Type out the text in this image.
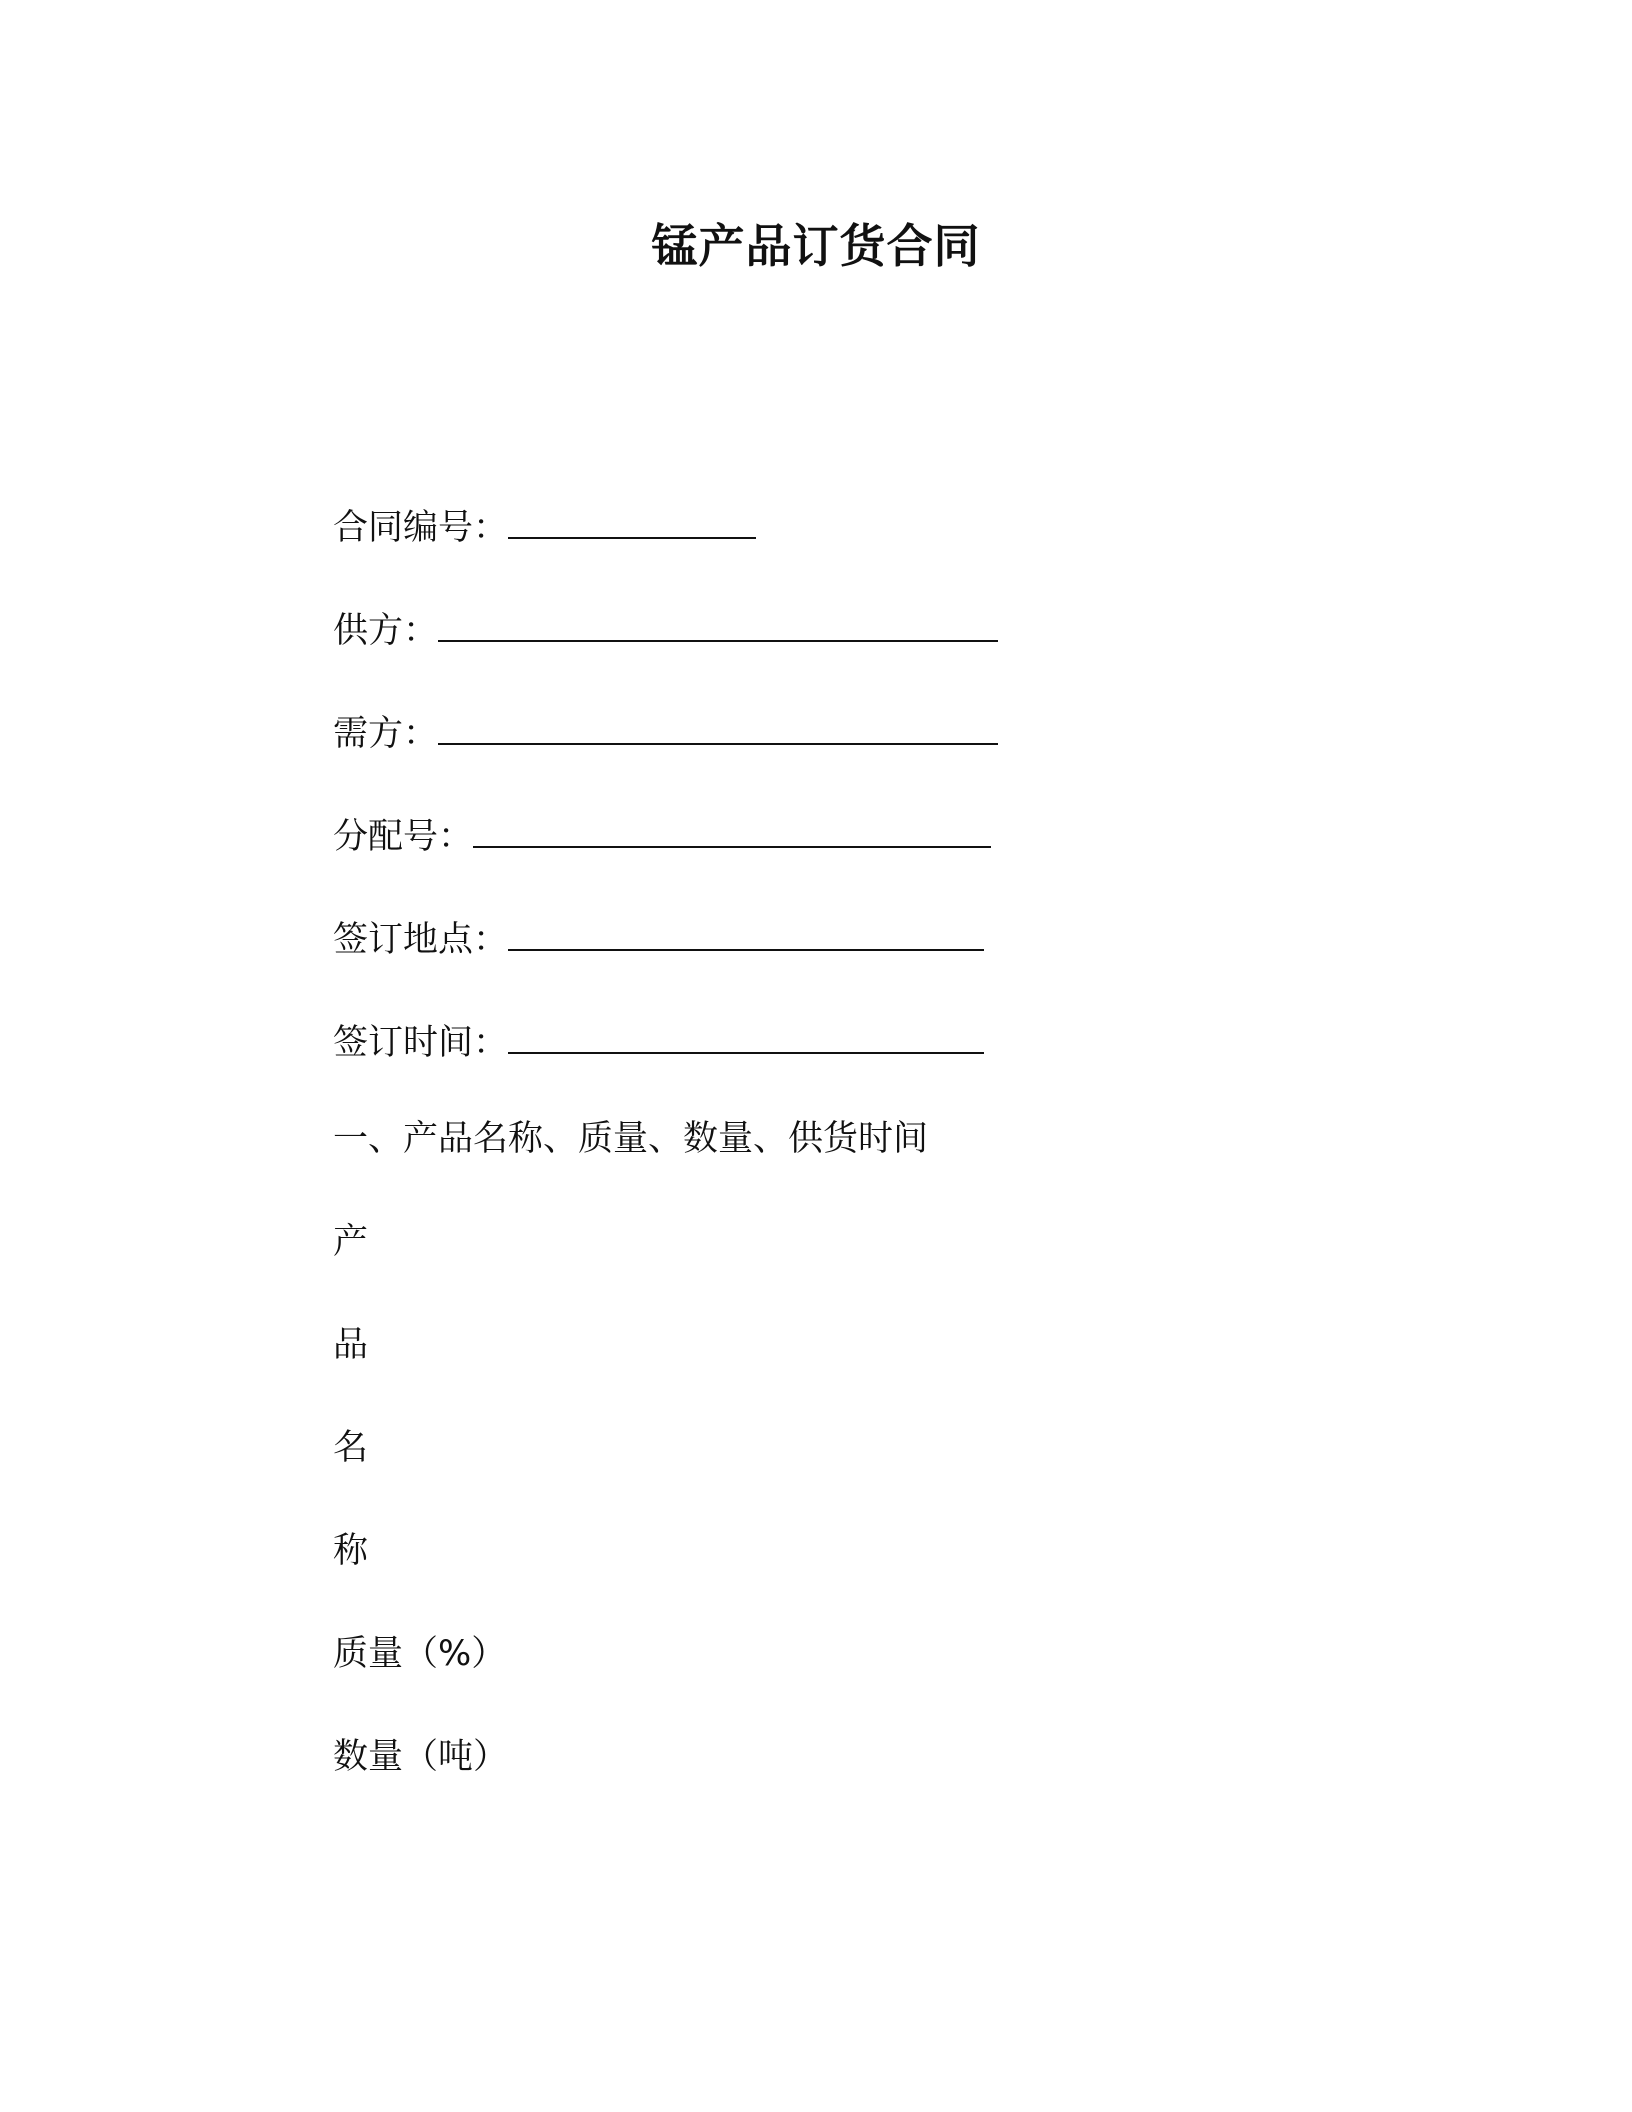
锰产品订货合同
合同编号：
供方：
需方：
分配号：
签订地点：
签订时间：
一、产品名称、质量、数量、供货时间
产
品
名
称
质量（%）
数量（吨）
